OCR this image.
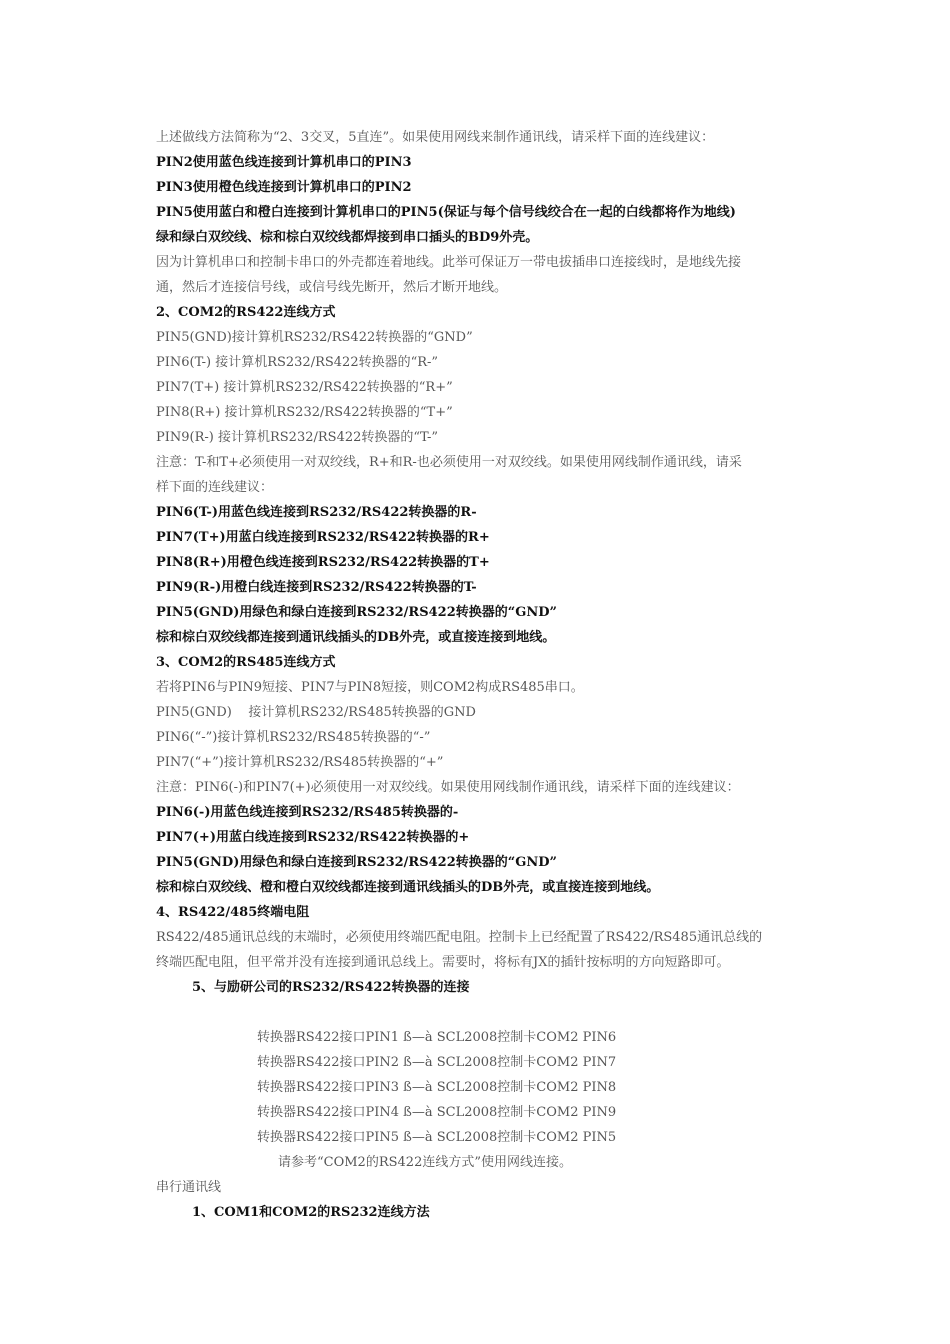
上述做线方法简称为“2、3交叉，5直连”。如果使用网线来制作通讯线，请采样下面的连线建议：
PIN2使用蓝色线连接到计算机串口的PIN3
PIN3使用橙色线连接到计算机串口的PIN2
PIN5使用蓝白和橙白连接到计算机串口的PIN5(保证与每个信号线绞合在一起的白线都将作为地线)
绿和绿白双绞线、棕和棕白双绞线都焊接到串口插头的BD9外壳。
因为计算机串口和控制卡串口的外壳都连着地线。此举可保证万一带电拔插串口连接线时，是地线先接
通，然后才连接信号线，或信号线先断开，然后才断开地线。
2、COM2的RS422连线方式
PIN5(GND)接计算机RS232/RS422转换器的“GND”
PIN6(T-) 接计算机RS232/RS422转换器的“R-”
PIN7(T+) 接计算机RS232/RS422转换器的“R+”
PIN8(R+) 接计算机RS232/RS422转换器的“T+”
PIN9(R-) 接计算机RS232/RS422转换器的“T-”
注意：T-和T+必须使用一对双绞线，R+和R-也必须使用一对双绞线。如果使用网线制作通讯线，请采
样下面的连线建议：
PIN6(T-)用蓝色线连接到RS232/RS422转换器的R-
PIN7(T+)用蓝白线连接到RS232/RS422转换器的R+
PIN8(R+)用橙色线连接到RS232/RS422转换器的T+
PIN9(R-)用橙白线连接到RS232/RS422转换器的T-
PIN5(GND)用绿色和绿白连接到RS232/RS422转换器的“GND”
棕和棕白双绞线都连接到通讯线插头的DB外壳，或直接连接到地线。
3、COM2的RS485连线方式
若将PIN6与PIN9短接、PIN7与PIN8短接，则COM2构成RS485串口。
PIN5(GND)    接计算机RS232/RS485转换器的GND
PIN6(“-”)接计算机RS232/RS485转换器的“-”
PIN7(“+”)接计算机RS232/RS485转换器的“+”
注意：PIN6(-)和PIN7(+)必须使用一对双绞线。如果使用网线制作通讯线，请采样下面的连线建议：
PIN6(-)用蓝色线连接到RS232/RS485转换器的-
PIN7(+)用蓝白线连接到RS232/RS422转换器的+
PIN5(GND)用绿色和绿白连接到RS232/RS422转换器的“GND”
棕和棕白双绞线、橙和橙白双绞线都连接到通讯线插头的DB外壳，或直接连接到地线。
4、RS422/485终端电阻
RS422/485通讯总线的末端时，必须使用终端匹配电阻。控制卡上已经配置了RS422/RS485通讯总线的
终端匹配电阻，但平常并没有连接到通讯总线上。需要时，将标有JX的插针按标明的方向短路即可。
5、与励研公司的RS232/RS422转换器的连接
转换器RS422接口PIN1 ß—à SCL2008控制卡COM2 PIN6
转换器RS422接口PIN2 ß—à SCL2008控制卡COM2 PIN7
转换器RS422接口PIN3 ß—à SCL2008控制卡COM2 PIN8
转换器RS422接口PIN4 ß—à SCL2008控制卡COM2 PIN9
转换器RS422接口PIN5 ß—à SCL2008控制卡COM2 PIN5
请参考“COM2的RS422连线方式”使用网线连接。
串行通讯线
1、COM1和COM2的RS232连线方法
